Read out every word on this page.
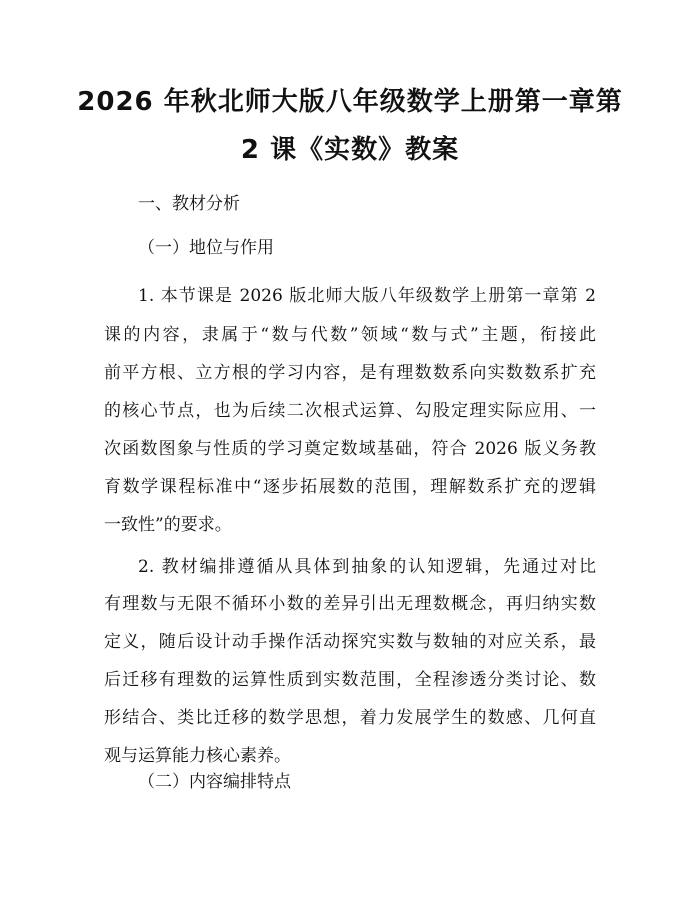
2026 年秋北师大版八年级数学上册第一章第
2 课《实数》教案
一、教材分析
（一）地位与作用
1. 本节课是 2026 版北师大版八年级数学上册第一章第 2
课的内容，隶属于“数与代数”领域“数与式”主题，衔接此
前平方根、立方根的学习内容，是有理数数系向实数数系扩充
的核心节点，也为后续二次根式运算、勾股定理实际应用、一
次函数图象与性质的学习奠定数域基础，符合 2026 版义务教
育数学课程标准中“逐步拓展数的范围，理解数系扩充的逻辑
一致性”的要求。
2. 教材编排遵循从具体到抽象的认知逻辑，先通过对比
有理数与无限不循环小数的差异引出无理数概念，再归纳实数
定义，随后设计动手操作活动探究实数与数轴的对应关系，最
后迁移有理数的运算性质到实数范围，全程渗透分类讨论、数
形结合、类比迁移的数学思想，着力发展学生的数感、几何直
观与运算能力核心素养。
（二）内容编排特点
